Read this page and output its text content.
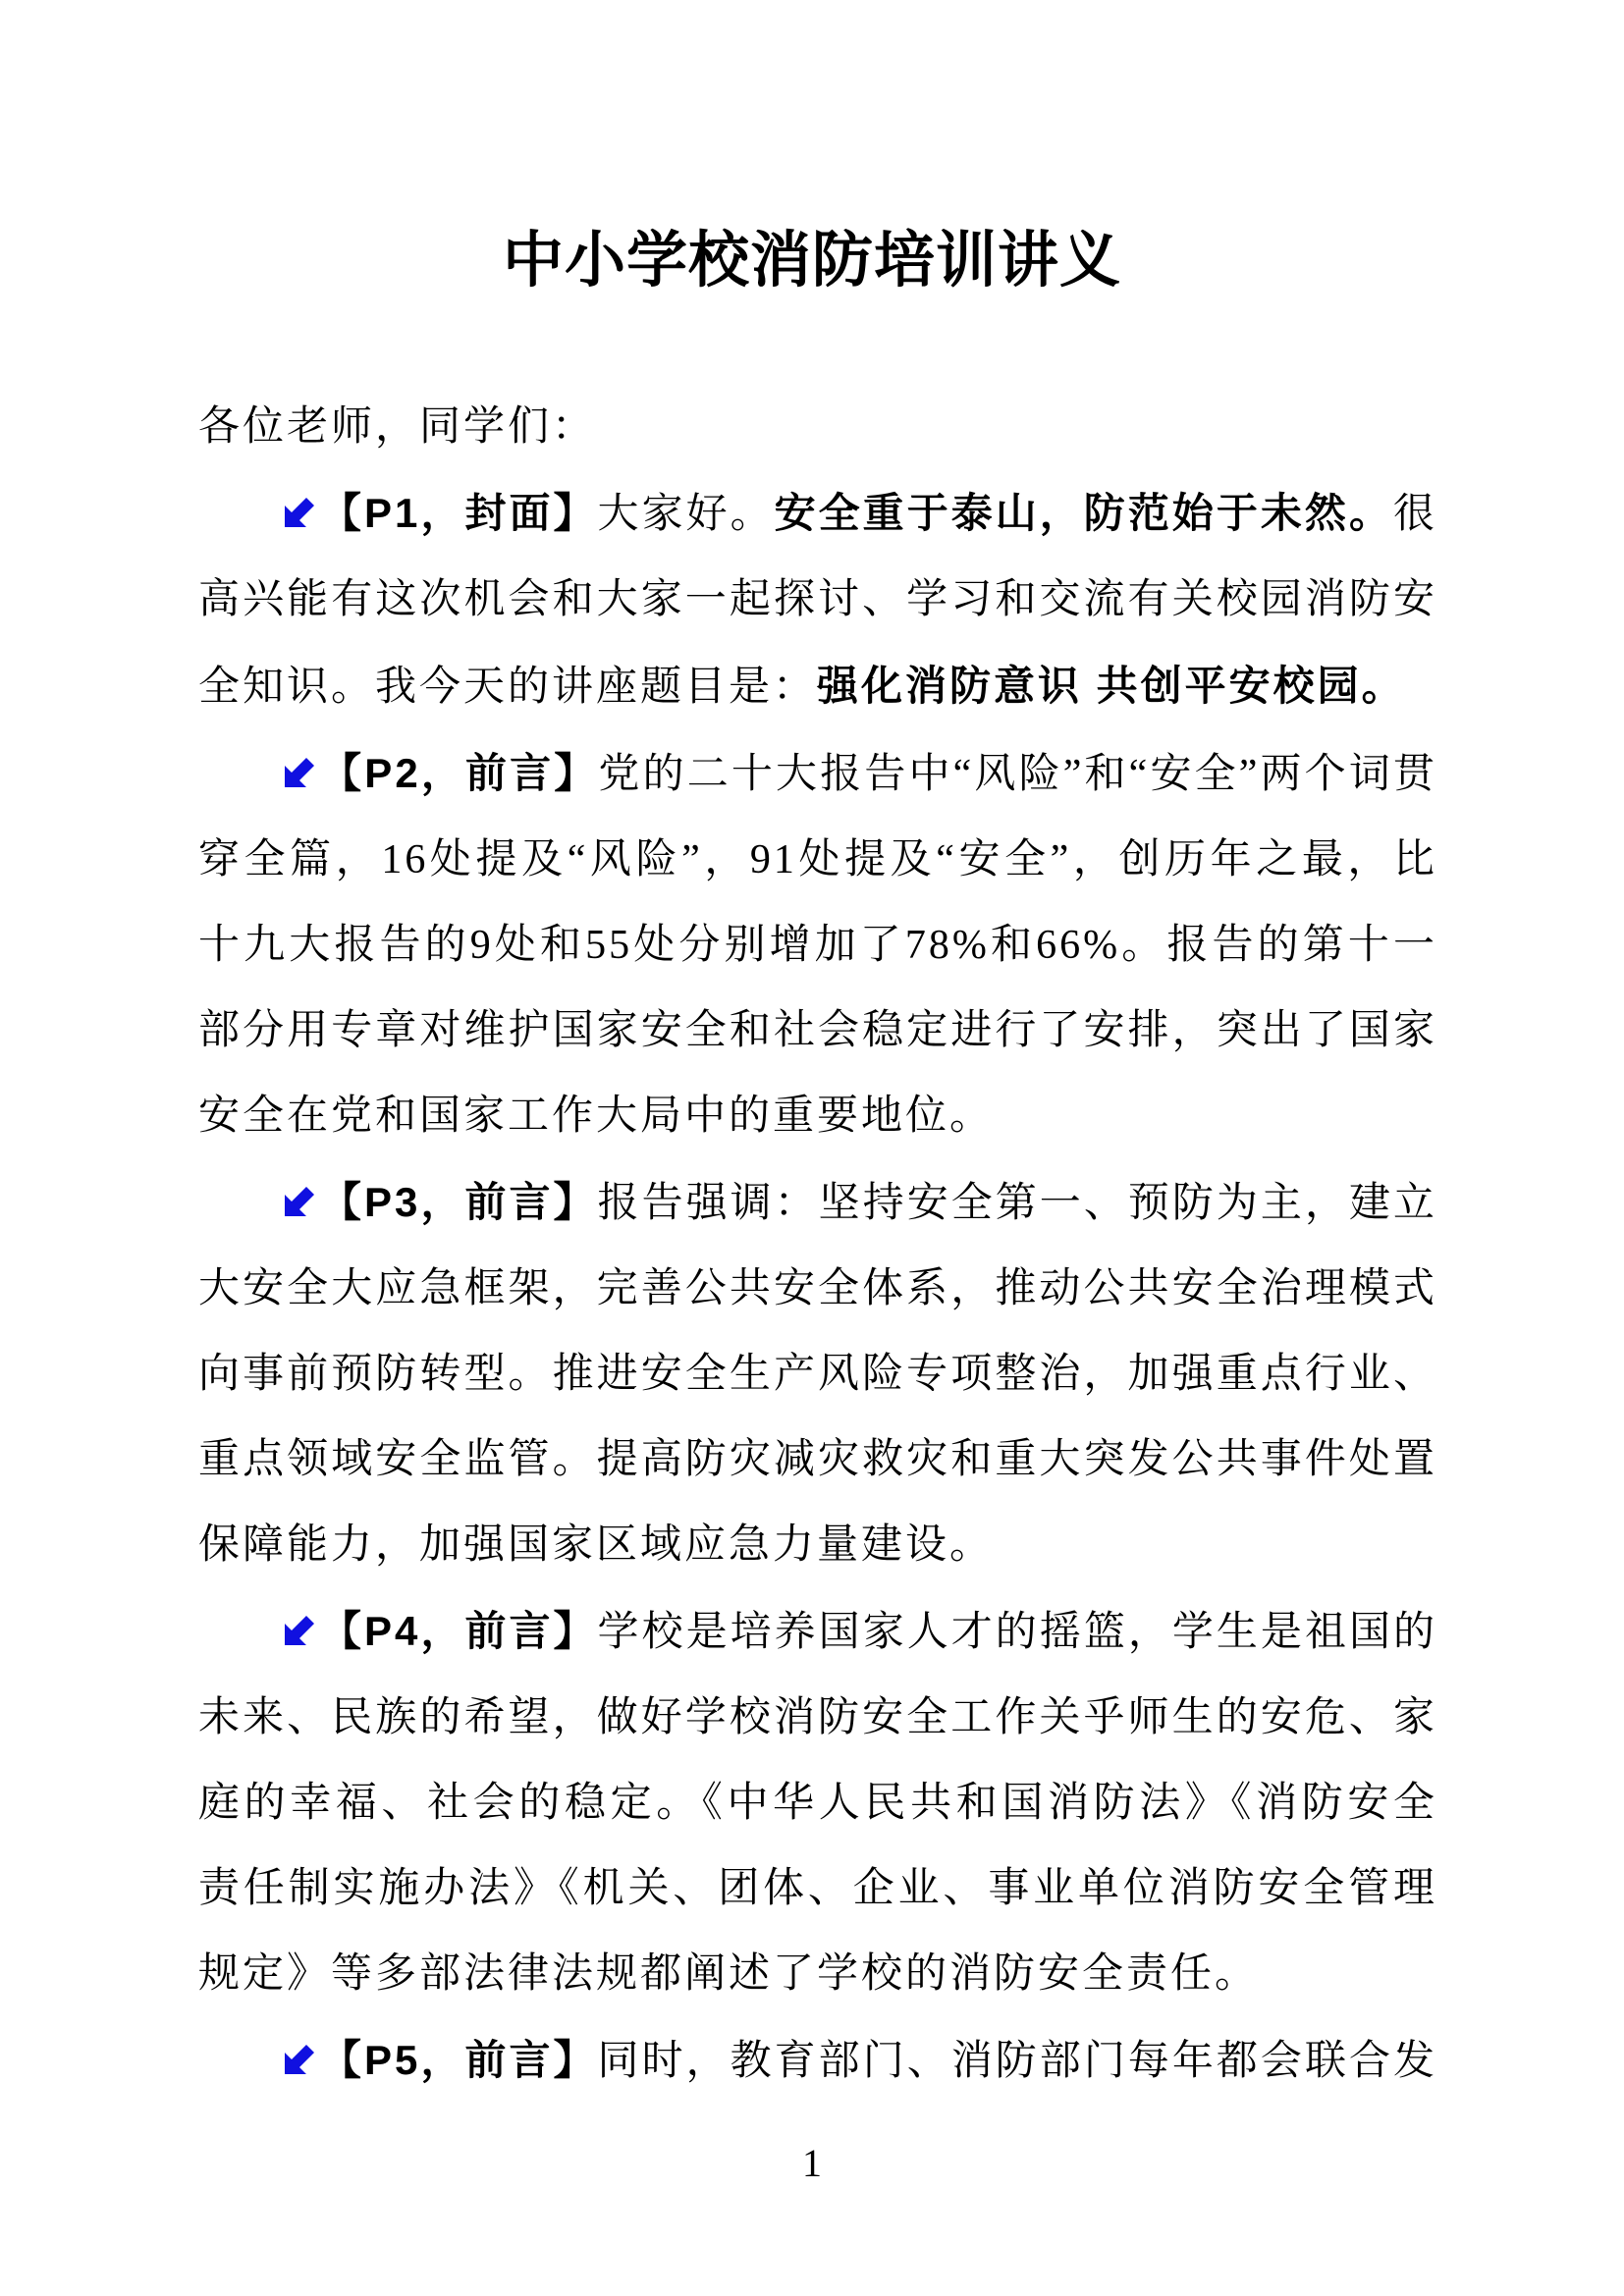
中小学校消防培训讲义

各位老师，同学们：

【P1，封面】大家好。安全重于泰山，防范始于未然。很高兴能有这次机会和大家一起探讨、学习和交流有关校园消防安全知识。我今天的讲座题目是：强化消防意识 共创平安校园。

【P2，前言】党的二十大报告中“风险”和“安全”两个词贯穿全篇，16处提及“风险”，91处提及“安全”，创历年之最，比十九大报告的9处和55处分别增加了78%和66%。报告的第十一部分用专章对维护国家安全和社会稳定进行了安排，突出了国家安全在党和国家工作大局中的重要地位。

【P3，前言】报告强调：坚持安全第一、预防为主，建立大安全大应急框架，完善公共安全体系，推动公共安全治理模式向事前预防转型。推进安全生产风险专项整治，加强重点行业、重点领域安全监管。提高防灾减灾救灾和重大突发公共事件处置保障能力，加强国家区域应急力量建设。

【P4，前言】学校是培养国家人才的摇篮，学生是祖国的未来、民族的希望，做好学校消防安全工作关乎师生的安危、家庭的幸福、社会的稳定。《中华人民共和国消防法》《消防安全责任制实施办法》《机关、团体、企业、事业单位消防安全管理规定》等多部法律法规都阐述了学校的消防安全责任。

【P5，前言】同时，教育部门、消防部门每年都会联合发

1
